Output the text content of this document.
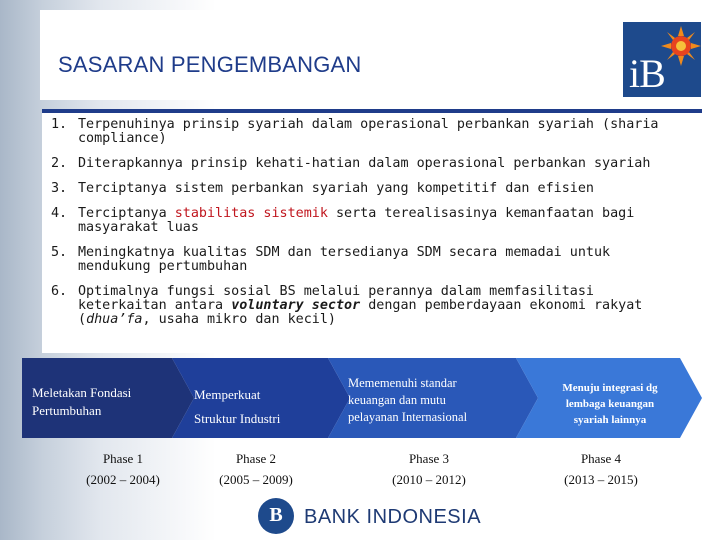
SASARAN PENGEMBANGAN	iB
1. Terpenuhinya prinsip syariah dalam operasional perbankan syariah (sharia compliance)
2. Diterapkannya prinsip kehati-hatian dalam operasional perbankan syariah
3. Terciptanya sistem perbankan syariah yang kompetitif dan efisien
4. Terciptanya stabilitas sistemik serta terealisasinya kemanfaatan bagi masyarakat luas
5. Meningkatnya kualitas SDM dan tersedianya SDM secara memadai untuk mendukung pertumbuhan
6. Optimalnya fungsi sosial BS melalui perannya dalam memfasilitasi keterkaitan antara voluntary sector dengan pemberdayaan ekonomi rakyat (dhua’fa, usaha mikro dan kecil)
Meletakan Fondasi
Pertumbuhan
Memperkuat
Struktur Industri
Mememenuhi standar
keuangan dan mutu
pelayanan Internasional
Menuju integrasi dg
lembaga keuangan
syariah lainnya
Phase 1	Phase 2	Phase 3	Phase 4
(2002 – 2004)	(2005 – 2009)	(2010 – 2012)	(2013 – 2015)
B	BANK INDONESIA
